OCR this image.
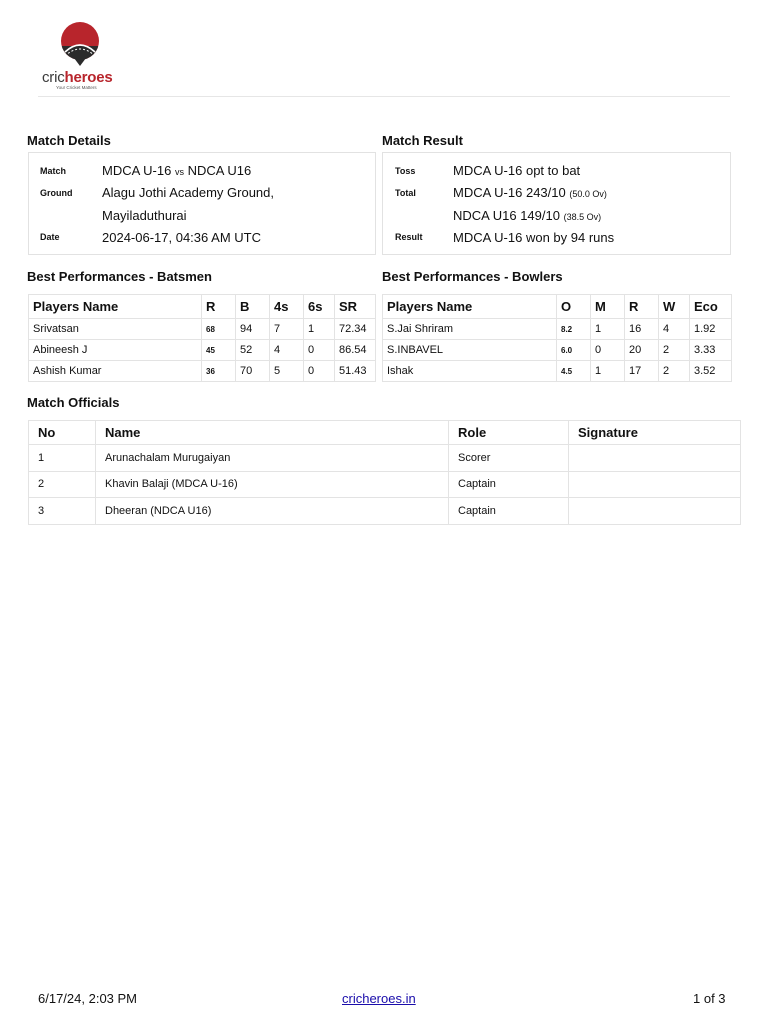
cricheroes
Your Cricket Matters
Match Details
Match	MDCA U-16 vs NDCA U16
Ground Alagu Jothi Academy Ground,
Mayiladuthurai
Date	2024-06-17, 04:36 AM UTC
Match Result
Toss	MDCA U-16 opt to bat
Total	MDCA U-16 243/10 (50.0 Ov)
NDCA U16 149/10 (38.5 Ov)
Result MDCA U-16 won by 94 runs
Best Performances - Batsmen
Players Name	R	B	4s	6s	SR
Srivatsan	68	94	7	1	72.34
Abineesh J	45	52	4	0	86.54
Ashish Kumar	36	70	5	0	51.43
Best Performances - Bowlers
Players Name	O	M	R	W	Eco
S.Jai Shriram	8.2	1	16	4	1.92
S.INBAVEL	6.0	0	20	2	3.33
Ishak	4.5	1	17	2	3.52
Match Officials
No	Name	Role	Signature
1	Arunachalam Murugaiyan	Scorer	
2	Khavin Balaji (MDCA U-16)	Captain	
3	Dheeran (NDCA U16)	Captain	
6/17/24, 2:03 PM	cricheroes.in	1 of 3
